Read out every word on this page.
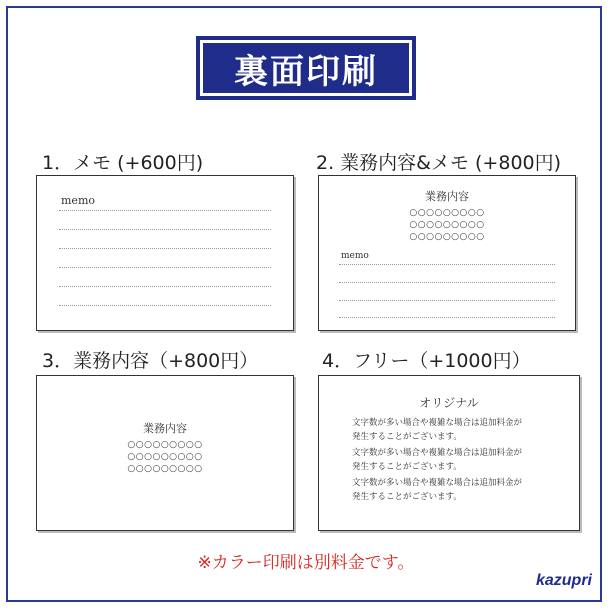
裏面印刷
1．メモ (+600円)	2. 業務内容&メモ (+800円)
3．業務内容（+800円）	4．フリー（+1000円）
memo	業務内容
○○○○○○○○○
○○○○○○○○○
○○○○○○○○○
memo
業務内容
○○○○○○○○○
○○○○○○○○○
○○○○○○○○○
オリジナル
文字数が多い場合や複雑な場合は追加料金が
発生することがございます。
文字数が多い場合や複雑な場合は追加料金が
発生することがございます。
文字数が多い場合や複雑な場合は追加料金が
発生することがございます。
※カラー印刷は別料金です。
kazupri
